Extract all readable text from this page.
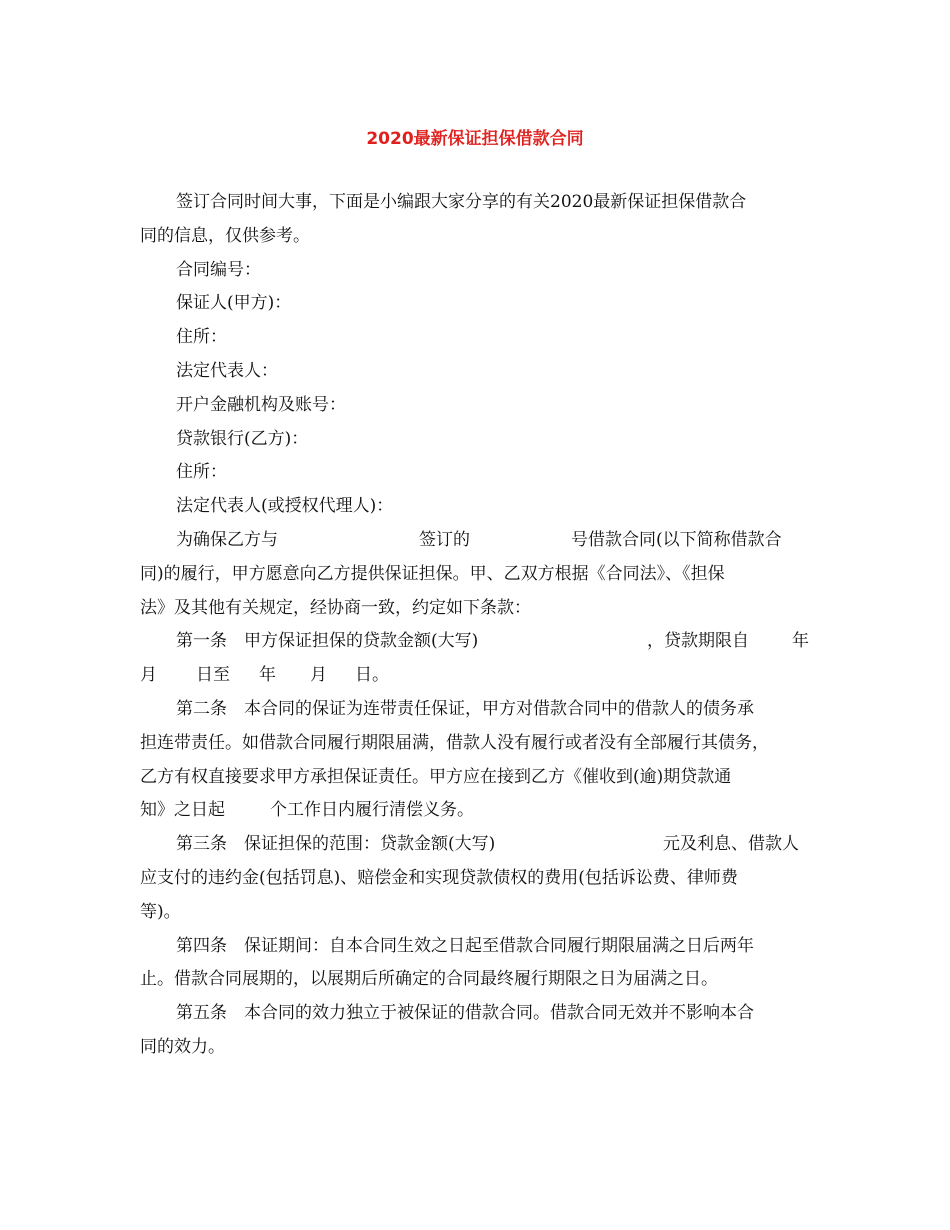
2020最新保证担保借款合同
签订合同时间大事，下面是小编跟大家分享的有关2020最新保证担保借款合
同的信息，仅供参考。
合同编号：
保证人(甲方)：
住所：
法定代表人：
开户金融机构及账号：
贷款银行(乙方)：
住所：
法定代表人(或授权代理人)：
为确保乙方与	签订的	号借款合同(以下简称借款合
同)的履行，甲方愿意向乙方提供保证担保。甲、乙双方根据《合同法》、《担保
法》及其他有关规定，经协商一致，约定如下条款：
第一条　甲方保证担保的贷款金额(大写)	，贷款期限自	年
月 日至 年 月 日。
第二条　本合同的保证为连带责任保证，甲方对借款合同中的借款人的债务承
担连带责任。如借款合同履行期限届满，借款人没有履行或者没有全部履行其债务，
乙方有权直接要求甲方承担保证责任。甲方应在接到乙方《催收到(逾)期贷款通
知》之日起	个工作日内履行清偿义务。
第三条　保证担保的范围：贷款金额(大写)	元及利息、借款人
应支付的违约金(包括罚息)、赔偿金和实现贷款债权的费用(包括诉讼费、律师费
等)。
第四条　保证期间：自本合同生效之日起至借款合同履行期限届满之日后两年
止。借款合同展期的，以展期后所确定的合同最终履行期限之日为届满之日。
第五条　本合同的效力独立于被保证的借款合同。借款合同无效并不影响本合
同的效力。
